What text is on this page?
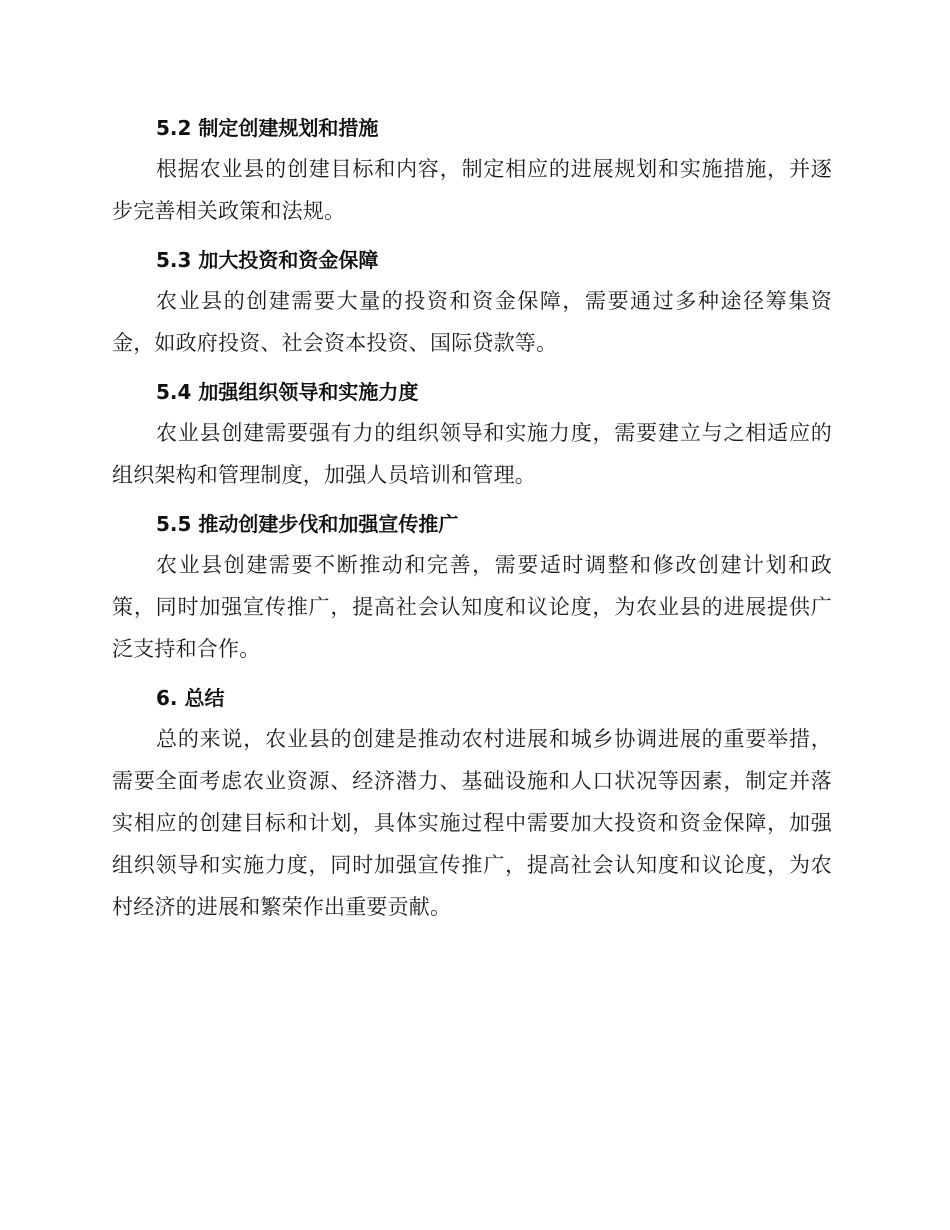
5.2 制定创建规划和措施

根据农业县的创建目标和内容，制定相应的进展规划和实施措施，并逐步完善相关政策和法规。

5.3 加大投资和资金保障

农业县的创建需要大量的投资和资金保障，需要通过多种途径筹集资金，如政府投资、社会资本投资、国际贷款等。

5.4 加强组织领导和实施力度

农业县创建需要强有力的组织领导和实施力度，需要建立与之相适应的组织架构和管理制度，加强人员培训和管理。

5.5 推动创建步伐和加强宣传推广

农业县创建需要不断推动和完善，需要适时调整和修改创建计划和政策，同时加强宣传推广，提高社会认知度和议论度，为农业县的进展提供广泛支持和合作。

6. 总结

总的来说，农业县的创建是推动农村进展和城乡协调进展的重要举措，需要全面考虑农业资源、经济潜力、基础设施和人口状况等因素，制定并落实相应的创建目标和计划，具体实施过程中需要加大投资和资金保障，加强组织领导和实施力度，同时加强宣传推广，提高社会认知度和议论度，为农村经济的进展和繁荣作出重要贡献。
